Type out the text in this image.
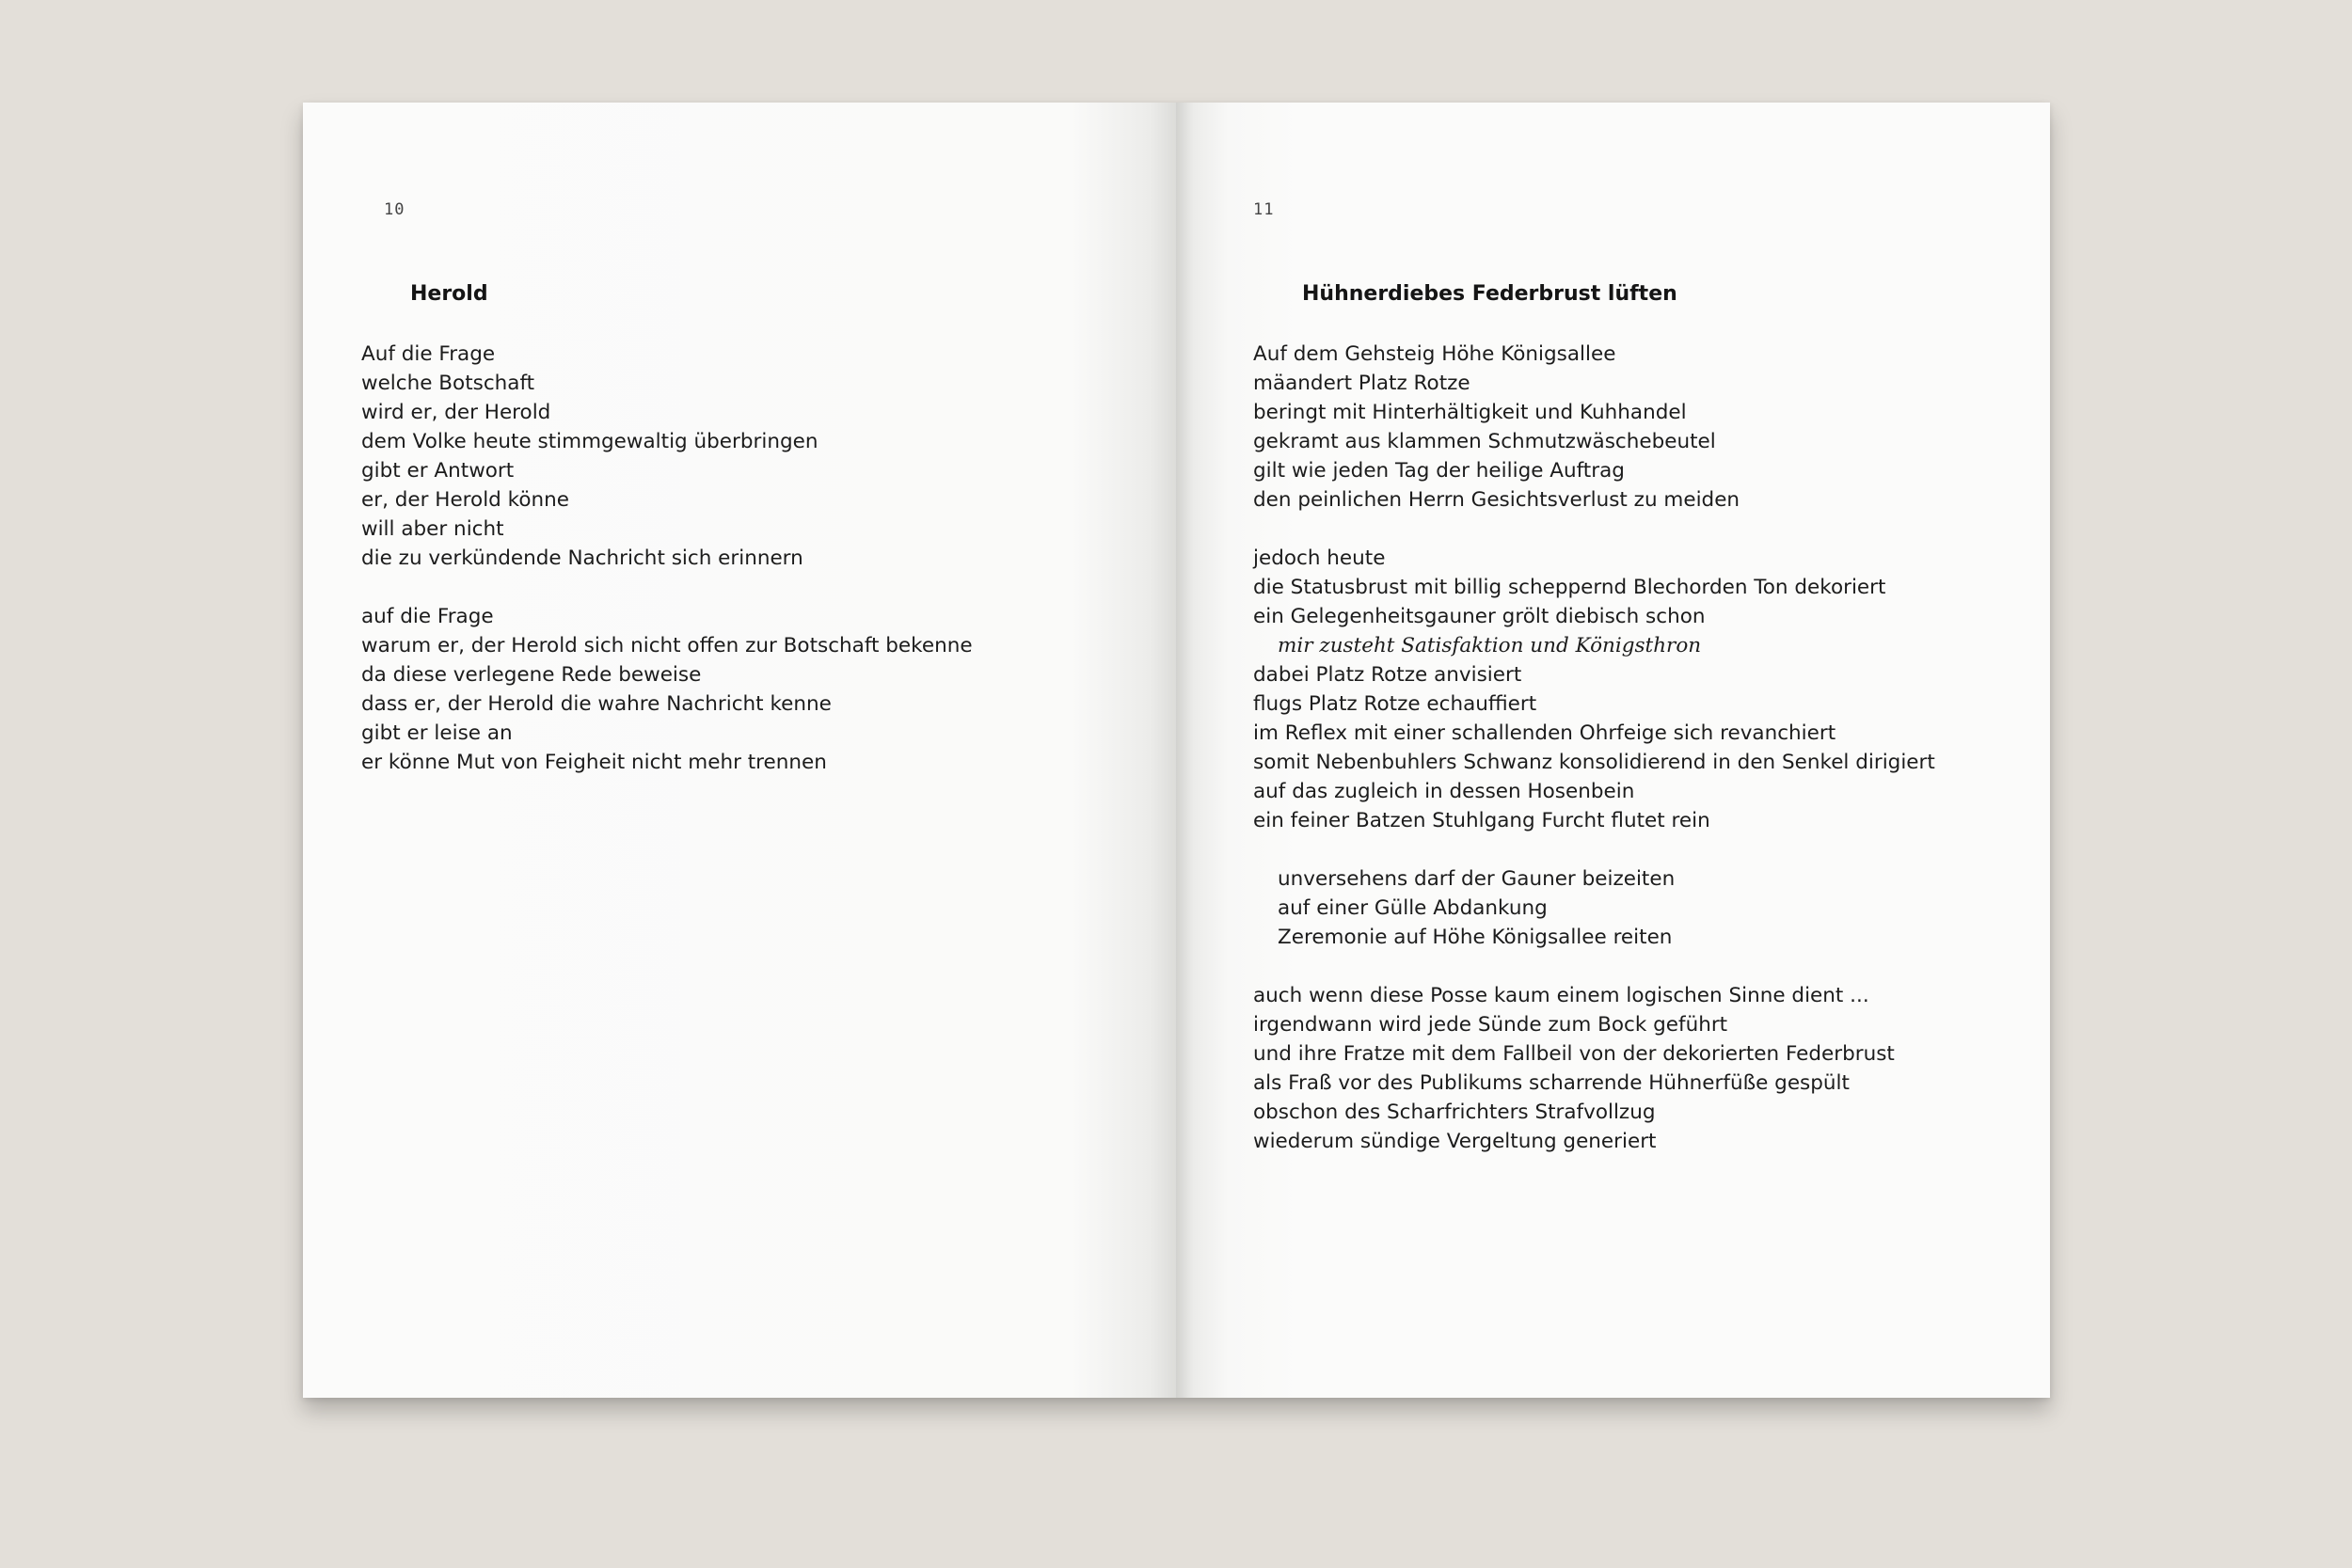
10
Herold
Auf die Frage
welche Botschaft
wird er, der Herold
dem Volke heute stimmgewaltig überbringen
gibt er Antwort
er, der Herold könne
will aber nicht
die zu verkündende Nachricht sich erinnern
auf die Frage
warum er, der Herold sich nicht offen zur Botschaft bekenne
da diese verlegene Rede beweise
dass er, der Herold die wahre Nachricht kenne
gibt er leise an
er könne Mut von Feigheit nicht mehr trennen
11
Hühnerdiebes Federbrust lüften
Auf dem Gehsteig Höhe Königsallee
mäandert Platz Rotze
beringt mit Hinterhältigkeit und Kuhhandel
gekramt aus klammen Schmutzwäschebeutel
gilt wie jeden Tag der heilige Auftrag
den peinlichen Herrn Gesichtsverlust zu meiden
jedoch heute
die Statusbrust mit billig scheppernd Blechorden Ton dekoriert
ein Gelegenheitsgauner grölt diebisch schon
mir zusteht Satisfaktion und Königsthron
dabei Platz Rotze anvisiert
flugs Platz Rotze echauffiert
im Reflex mit einer schallenden Ohrfeige sich revanchiert
somit Nebenbuhlers Schwanz konsolidierend in den Senkel dirigiert
auf das zugleich in dessen Hosenbein
ein feiner Batzen Stuhlgang Furcht flutet rein
unversehens darf der Gauner beizeiten
auf einer Gülle Abdankung
Zeremonie auf Höhe Königsallee reiten
auch wenn diese Posse kaum einem logischen Sinne dient ...
irgendwann wird jede Sünde zum Bock geführt
und ihre Fratze mit dem Fallbeil von der dekorierten Federbrust
als Fraß vor des Publikums scharrende Hühnerfüße gespült
obschon des Scharfrichters Strafvollzug
wiederum sündige Vergeltung generiert
